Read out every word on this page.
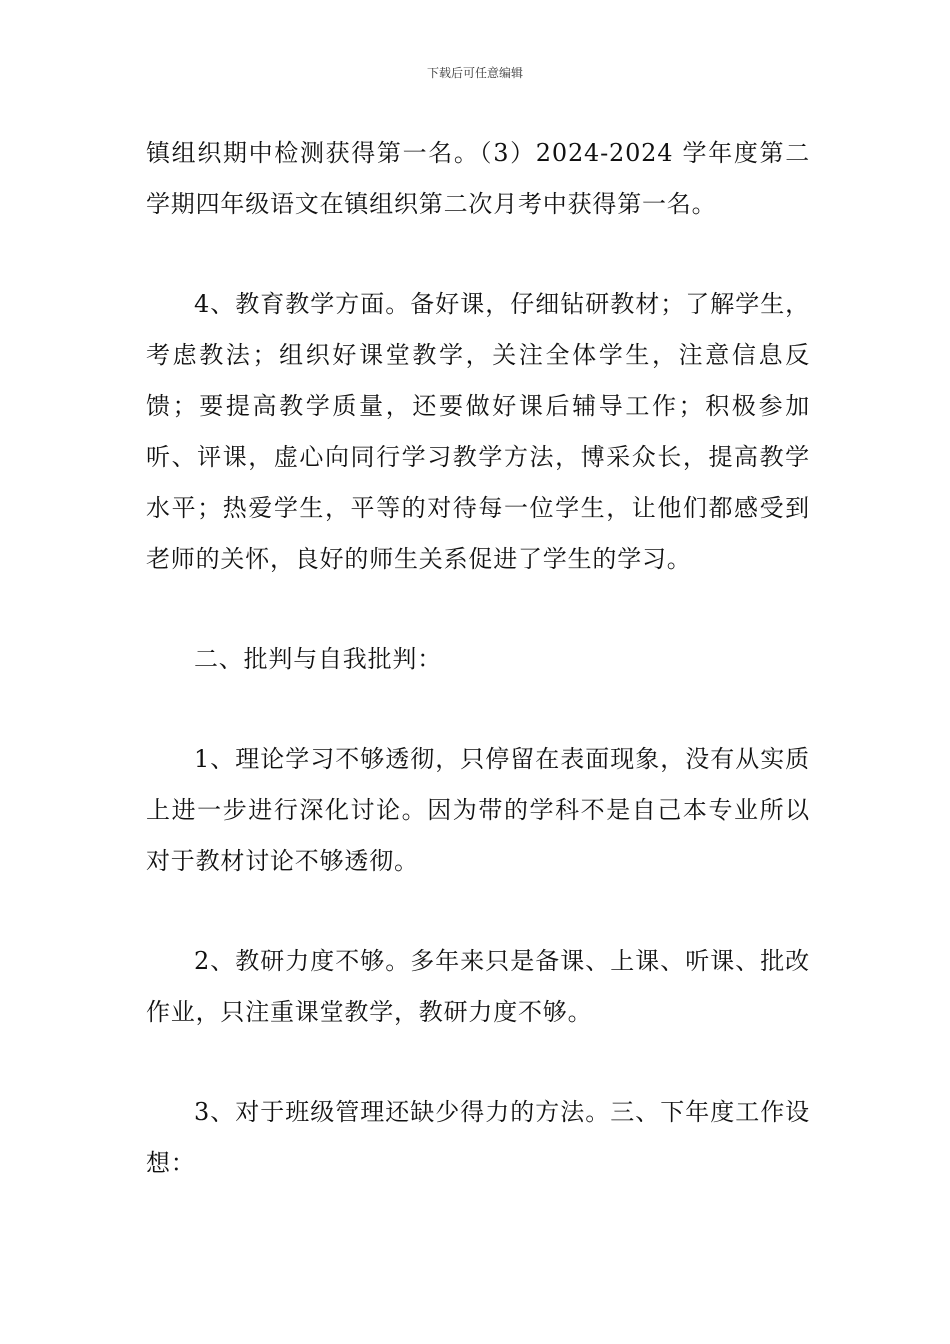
下载后可任意编辑

镇组织期中检测获得第一名。（3）2024-2024 学年度第二学期四年级语文在镇组织第二次月考中获得第一名。

4、教育教学方面。备好课，仔细钻研教材；了解学生，考虑教法；组织好课堂教学，关注全体学生，注意信息反馈；要提高教学质量，还要做好课后辅导工作；积极参加听、评课，虚心向同行学习教学方法，博采众长，提高教学水平；热爱学生，平等的对待每一位学生，让他们都感受到老师的关怀，良好的师生关系促进了学生的学习。

二、批判与自我批判：

1、理论学习不够透彻，只停留在表面现象，没有从实质上进一步进行深化讨论。因为带的学科不是自己本专业所以对于教材讨论不够透彻。

2、教研力度不够。多年来只是备课、上课、听课、批改作业，只注重课堂教学，教研力度不够。

3、对于班级管理还缺少得力的方法。三、下年度工作设想：
